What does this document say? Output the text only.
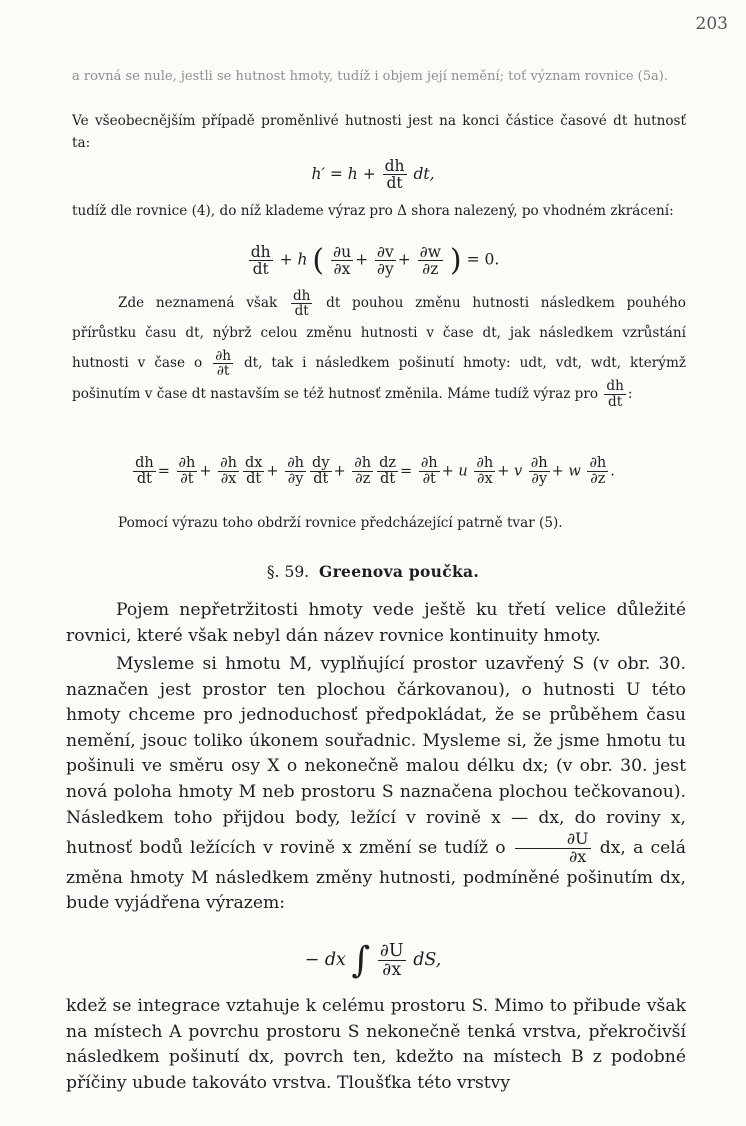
203
a rovná se nule, jestli se hutnost hmoty, tudíž i objem její nemění; toť význam rovnice (5a).
Ve všeobecnějším případě proměnlivé hutnosti jest na konci částice časové dt hutnosť ta:
$h' = h + \frac{dh}{dt}$ dt,
tudíž dle rovnice (4), do níž klademe výraz pro Δ shora nalezený, po vhodném zkrácení:
$\frac{dh}{dt} + h$ ( $\frac{\partial u}{\partial x} + \frac{\partial v}{\partial y} + \frac{\partial w}{\partial z}$ ) = 0.
Zde neznamená však $\frac{dh}{dt}$ dt pouhou změnu hutnosti následkem pouhého přírůstku času dt, nýbrž celou změnu hutnosti v čase dt, jak následkem vzrůstání hutnosti v čase o $\frac{\partial h}{\partial t}$ dt, tak i následkem pošinutí hmoty: udt, vdt, wdt, kterýmž pošinutím v čase dt nastavším se též hutnosť změnila. Máme tudíž výraz pro $\frac{dh}{dt}$ :
$\frac{dh}{dt} = \frac{\partial h}{\partial t} + \frac{\partial h}{\partial x} \frac{dx}{dt} + \frac{\partial h}{\partial y} \frac{dy}{dt} + \frac{\partial h}{\partial z} \frac{dz}{dt} = \frac{\partial h}{\partial t} + u \frac{\partial h}{\partial x} + v \frac{\partial h}{\partial y} + w \frac{\partial h}{\partial z}$ .
Pomocí výrazu toho obdrží rovnice předcházející patrně tvar (5).
§. 59. Greenova poučka.
Pojem nepřetržitosti hmoty vede ještě ku třetí velice důležité rovnici, které však nebyl dán název rovnice kontinuity hmoty.
Mysleme si hmotu M, vyplňující prostor uzavřený S (v obr. 30. naznačen jest prostor ten plochou čárkovanou), o hutnosti U této hmoty chceme pro jednoduchosť předpokládat, že se průběhem času nemění, jsouc toliko úkonem souřadnic. Mysleme si, že jsme hmotu tu pošinuli ve směru osy X o nekonečně malou délku dx; (v obr. 30. jest nová poloha hmoty M neb prostoru S naznačena plochou tečkovanou). Následkem toho přijdou body, ležící v rovině x — dx, do roviny x, hutnosť bodů ležících v rovině x změní se tudíž o $\frac{\partial U}{\partial x}$ dx, a celá změna hmoty M následkem změny hutnosti, podmíněné pošinutím dx, bude vyjádřena výrazem:
− dx ∫ $\frac{\partial U}{\partial x}$ dS,
kdež se integrace vztahuje k celému prostoru S. Mimo to přibude však na místech A povrchu prostoru S nekonečně tenká vrstva, překročivší následkem pošinutí dx, povrch ten, kdežto na místech B z podobné příčiny ubude takováto vrstva. Tloušťka této vrstvy
